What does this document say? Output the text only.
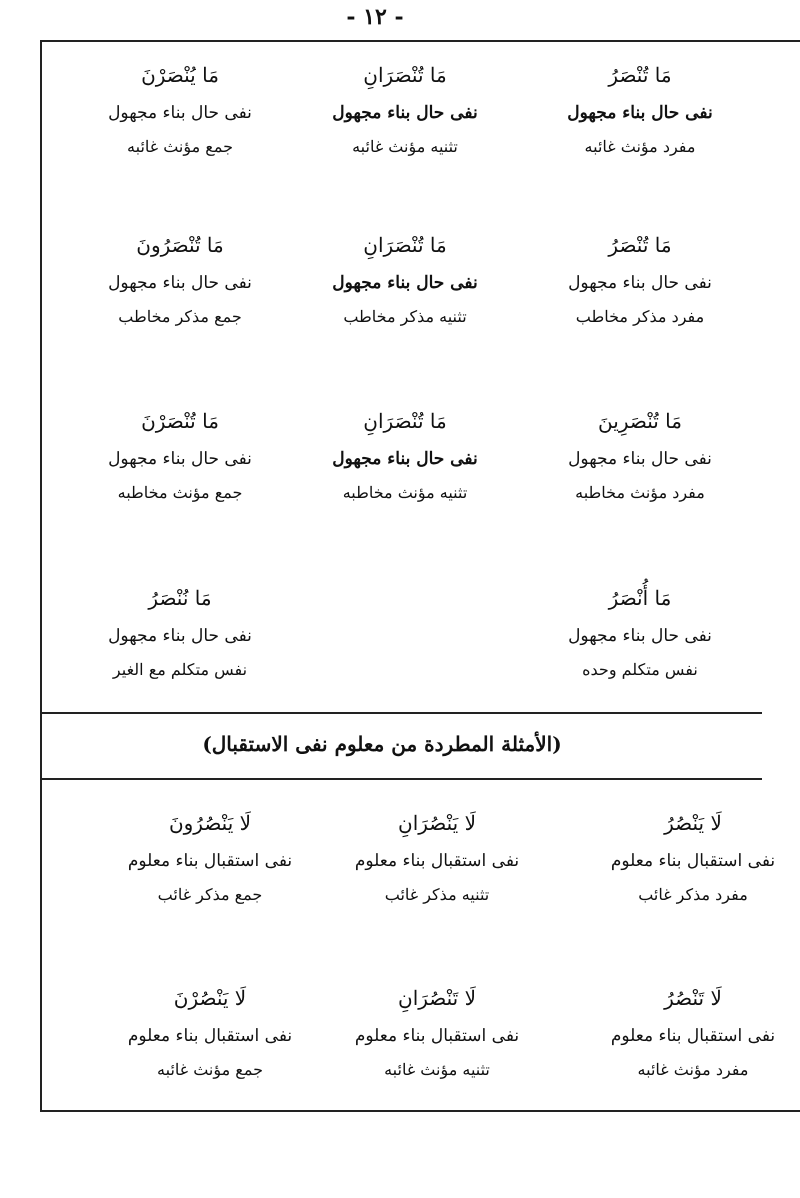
- ١٢ -
مَا تُنْصَرُ
نفى حال بناء مجهول
مفرد مؤنث غائبه
مَا تُنْصَرَانِ
نفى حال بناء مجهول
تثنيه مؤنث غائبه
مَا يُنْصَرْنَ
نفى حال بناء مجهول
جمع مؤنث غائبه
مَا تُنْصَرُ
نفى حال بناء مجهول
مفرد مذكر مخاطب
مَا تُنْصَرَانِ
نفى حال بناء مجهول
تثنيه مذكر مخاطب
مَا تُنْصَرُونَ
نفى حال بناء مجهول
جمع مذكر مخاطب
مَا تُنْصَرِينَ
نفى حال بناء مجهول
مفرد مؤنث مخاطبه
مَا تُنْصَرَانِ
نفى حال بناء مجهول
تثنيه مؤنث مخاطبه
مَا تُنْصَرْنَ
نفى حال بناء مجهول
جمع مؤنث مخاطبه
مَا أُنْصَرُ
نفى حال بناء مجهول
نفس متكلم وحده
مَا نُنْصَرُ
نفى حال بناء مجهول
نفس متكلم مع الغير
(الأمثلة المطردة من معلوم نفى الاستقبال)
لَا يَنْصُرُ
نفى استقبال بناء معلوم
مفرد مذكر غائب
لَا يَنْصُرَانِ
نفى استقبال بناء معلوم
تثنيه مذكر غائب
لَا يَنْصُرُونَ
نفى استقبال بناء معلوم
جمع مذكر غائب
لَا تَنْصُرُ
نفى استقبال بناء معلوم
مفرد مؤنث غائبه
لَا تَنْصُرَانِ
نفى استقبال بناء معلوم
تثنيه مؤنث غائبه
لَا يَنْصُرْنَ
نفى استقبال بناء معلوم
جمع مؤنث غائبه
